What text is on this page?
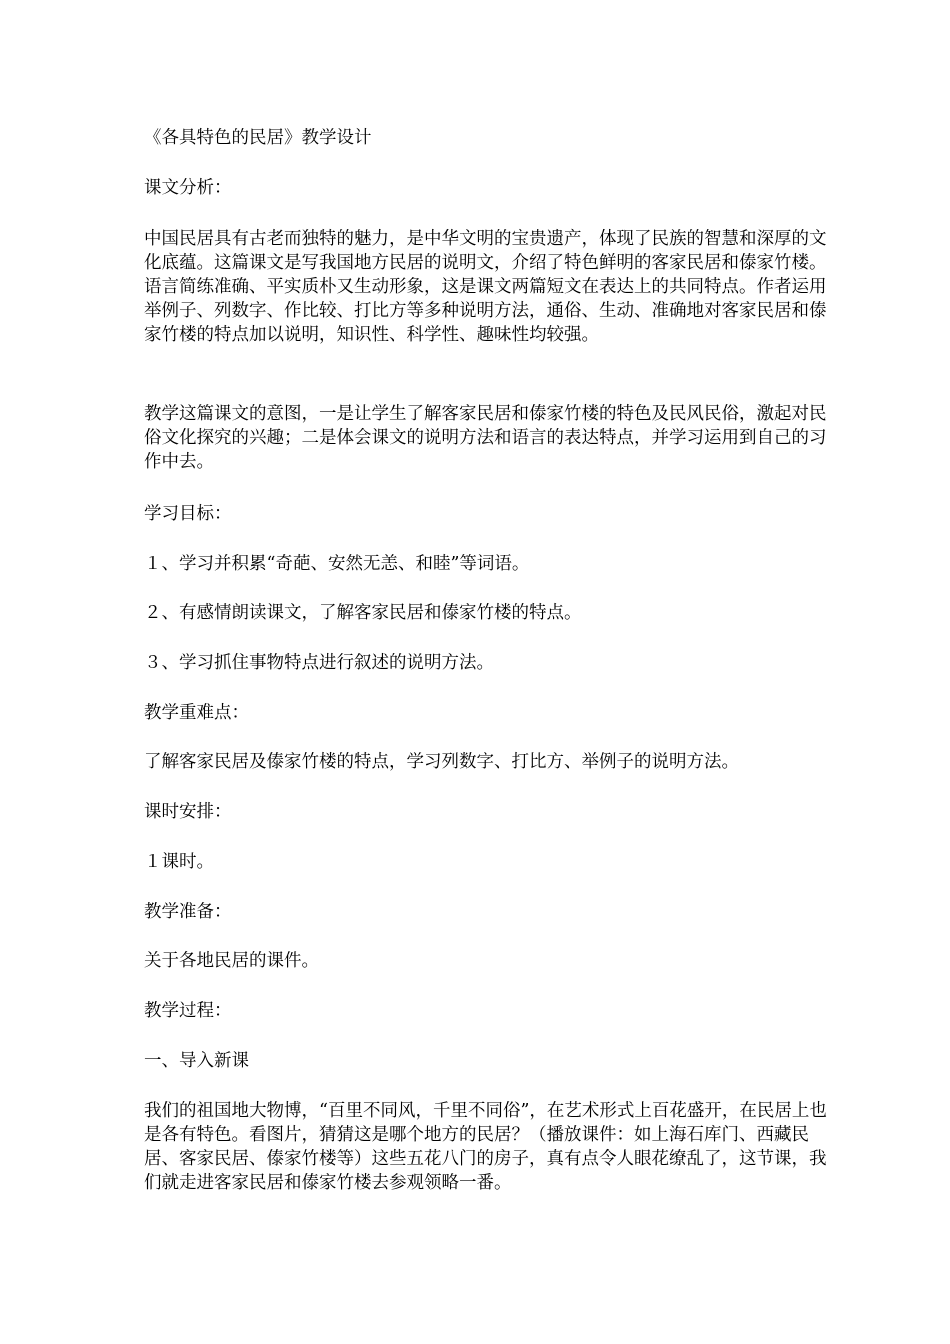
《各具特色的民居》教学设计

课文分析：

中国民居具有古老而独特的魅力，是中华文明的宝贵遗产，体现了民族的智慧和深厚的文化底蕴。这篇课文是写我国地方民居的说明文，介绍了特色鲜明的客家民居和傣家竹楼。语言简练准确、平实质朴又生动形象，这是课文两篇短文在表达上的共同特点。作者运用举例子、列数字、作比较、打比方等多种说明方法，通俗、生动、准确地对客家民居和傣家竹楼的特点加以说明，知识性、科学性、趣味性均较强。

教学这篇课文的意图，一是让学生了解客家民居和傣家竹楼的特色及民风民俗，激起对民俗文化探究的兴趣；二是体会课文的说明方法和语言的表达特点，并学习运用到自己的习作中去。

学习目标：

１、学习并积累“奇葩、安然无恙、和睦”等词语。

２、有感情朗读课文，了解客家民居和傣家竹楼的特点。

３、学习抓住事物特点进行叙述的说明方法。

教学重难点：

了解客家民居及傣家竹楼的特点，学习列数字、打比方、举例子的说明方法。

课时安排：

１课时。

教学准备：

关于各地民居的课件。

教学过程：

一、导入新课

我们的祖国地大物博，“百里不同风，千里不同俗”，在艺术形式上百花盛开，在民居上也是各有特色。看图片，猜猜这是哪个地方的民居？（播放课件：如上海石库门、西藏民居、客家民居、傣家竹楼等）这些五花八门的房子，真有点令人眼花缭乱了，这节课，我们就走进客家民居和傣家竹楼去参观领略一番。
